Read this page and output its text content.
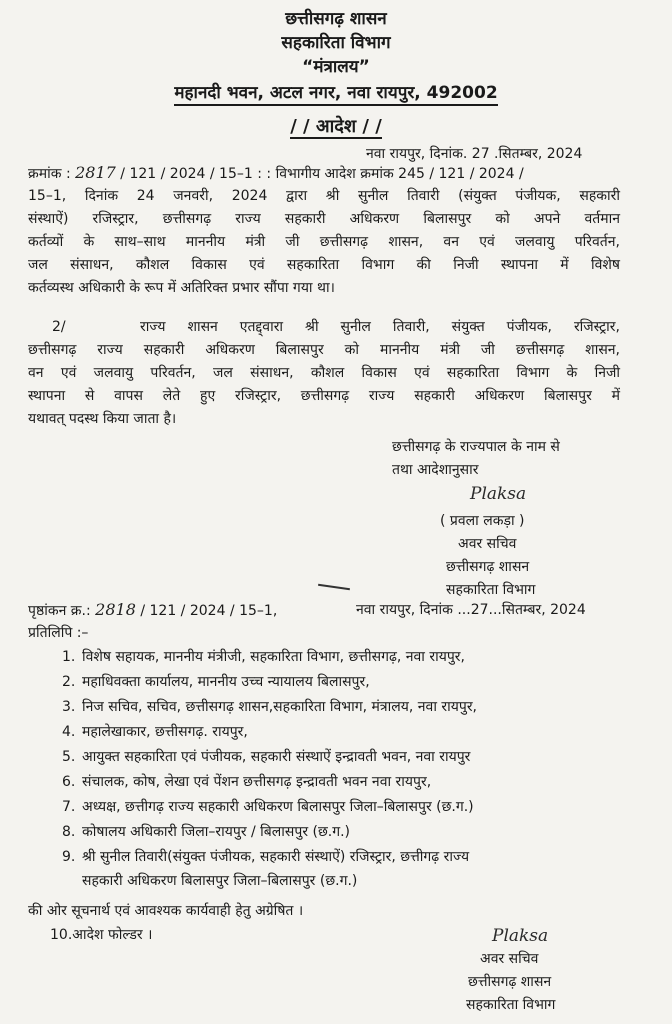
छत्तीसगढ़ शासन
सहकारिता विभाग
“मंत्रालय”
महानदी भवन, अटल नगर, नवा रायपुर, 492002
/ / आदेश / /
नवा रायपुर, दिनांक. 27 .सितम्बर, 2024
क्रमांक : 2817 / 121 / 2024 / 15–1 : : विभागीय आदेश क्रमांक 245 / 121 / 2024 /
15–1, दिनांक 24 जनवरी, 2024 द्वारा श्री सुनील तिवारी (संयुक्त पंजीयक, सहकारी
संस्थाऐं) रजिस्ट्रार, छत्तीसगढ़ राज्य सहकारी अधिकरण बिलासपुर को अपने वर्तमान
कर्तव्यों के साथ–साथ माननीय मंत्री जी छत्तीसगढ़ शासन, वन एवं जलवायु परिवर्तन,
जल संसाधन, कौशल विकास एवं सहकारिता विभाग की निजी स्थापना में विशेष
कर्तव्यस्थ अधिकारी के रूप में अतिरिक्त प्रभार सौंपा गया था।
2/	राज्य शासन एतद्द्वारा श्री सुनील तिवारी, संयुक्त पंजीयक, रजिस्ट्रार,
छत्तीसगढ़ राज्य सहकारी अधिकरण बिलासपुर को माननीय मंत्री जी छत्तीसगढ़ शासन,
वन एवं जलवायु परिवर्तन, जल संसाधन, कौशल विकास एवं सहकारिता विभाग के निजी
स्थापना से वापस लेते हुए रजिस्ट्रार, छत्तीसगढ़ राज्य सहकारी अधिकरण बिलासपुर में
यथावत् पदस्थ किया जाता है।
छत्तीसगढ़ के राज्यपाल के नाम से
तथा आदेशानुसार
Plaksa
( प्रवला लकड़ा )
अवर सचिव
छत्तीसगढ़ शासन
सहकारिता विभाग
पृष्ठांकन क्र.: 2818 / 121 / 2024 / 15–1,	नवा रायपुर, दिनांक ...27...सितम्बर, 2024
प्रतिलिपि :–
1. विशेष सहायक, माननीय मंत्रीजी, सहकारिता विभाग, छत्तीसगढ़, नवा रायपुर,
2. महाधिवक्ता कार्यालय, माननीय उच्च न्यायालय बिलासपुर,
3. निज सचिव, सचिव, छत्तीसगढ़ शासन,सहकारिता विभाग, मंत्रालय, नवा रायपुर,
4. महालेखाकार, छत्तीसगढ़. रायपुर,
5. आयुक्त सहकारिता एवं पंजीयक, सहकारी संस्थाऐं इन्द्रावती भवन, नवा रायपुर
6. संचालक, कोष, लेखा एवं पेंशन छत्तीसगढ़ इन्द्रावती भवन नवा रायपुर,
7. अध्यक्ष, छत्तीगढ़ राज्य सहकारी अधिकरण बिलासपुर जिला–बिलासपुर (छ.ग.)
8. कोषालय अधिकारी जिला–रायपुर / बिलासपुर (छ.ग.)
9. श्री सुनील तिवारी(संयुक्त पंजीयक, सहकारी संस्थाऐं) रजिस्ट्रार, छत्तीगढ़ राज्य
सहकारी अधिकरण बिलासपुर जिला–बिलासपुर (छ.ग.)
की ओर सूचनार्थ एवं आवश्यक कार्यवाही हेतु अग्रेषित ।
10.आदेश फोल्डर ।	Plaksa
अवर सचिव
छत्तीसगढ़ शासन
सहकारिता विभाग
